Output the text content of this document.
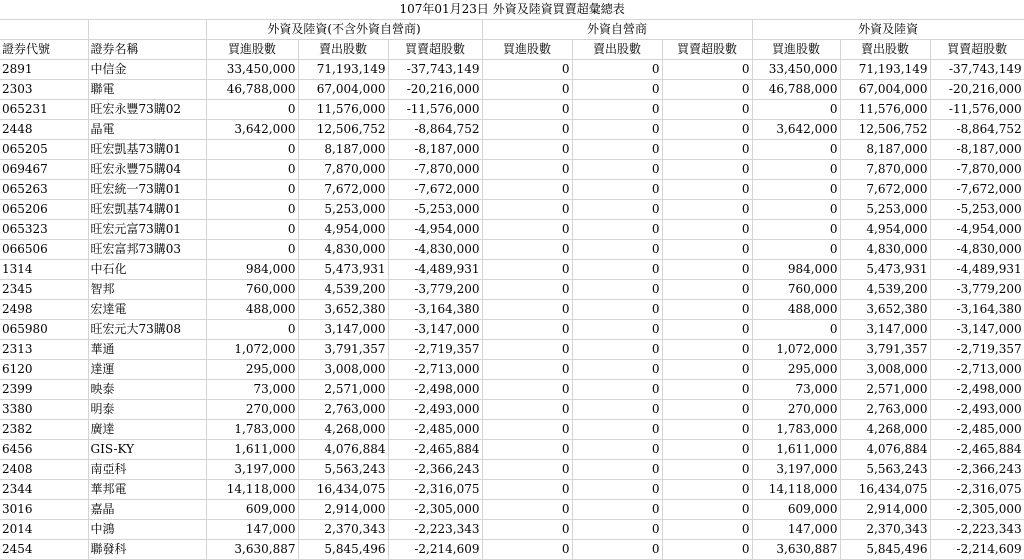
107年01月23日 外資及陸資買賣超彙總表										
		外資及陸資(不含外資自營商)			外資自營商			外資及陸資		
證券代號	證券名稱	買進股數	賣出股數	買賣超股數	買進股數	賣出股數	買賣超股數	買進股數	賣出股數	買賣超股數
2891	中信金	33,450,000	71,193,149	-37,743,149	0	0	0	33,450,000	71,193,149	-37,743,149
2303	聯電	46,788,000	67,004,000	-20,216,000	0	0	0	46,788,000	67,004,000	-20,216,000
065231	旺宏永豐73購02	0	11,576,000	-11,576,000	0	0	0	0	11,576,000	-11,576,000
2448	晶電	3,642,000	12,506,752	-8,864,752	0	0	0	3,642,000	12,506,752	-8,864,752
065205	旺宏凱基73購01	0	8,187,000	-8,187,000	0	0	0	0	8,187,000	-8,187,000
069467	旺宏永豐75購04	0	7,870,000	-7,870,000	0	0	0	0	7,870,000	-7,870,000
065263	旺宏統一73購01	0	7,672,000	-7,672,000	0	0	0	0	7,672,000	-7,672,000
065206	旺宏凱基74購01	0	5,253,000	-5,253,000	0	0	0	0	5,253,000	-5,253,000
065323	旺宏元富73購01	0	4,954,000	-4,954,000	0	0	0	0	4,954,000	-4,954,000
066506	旺宏富邦73購03	0	4,830,000	-4,830,000	0	0	0	0	4,830,000	-4,830,000
1314	中石化	984,000	5,473,931	-4,489,931	0	0	0	984,000	5,473,931	-4,489,931
2345	智邦	760,000	4,539,200	-3,779,200	0	0	0	760,000	4,539,200	-3,779,200
2498	宏達電	488,000	3,652,380	-3,164,380	0	0	0	488,000	3,652,380	-3,164,380
065980	旺宏元大73購08	0	3,147,000	-3,147,000	0	0	0	0	3,147,000	-3,147,000
2313	華通	1,072,000	3,791,357	-2,719,357	0	0	0	1,072,000	3,791,357	-2,719,357
6120	達運	295,000	3,008,000	-2,713,000	0	0	0	295,000	3,008,000	-2,713,000
2399	映泰	73,000	2,571,000	-2,498,000	0	0	0	73,000	2,571,000	-2,498,000
3380	明泰	270,000	2,763,000	-2,493,000	0	0	0	270,000	2,763,000	-2,493,000
2382	廣達	1,783,000	4,268,000	-2,485,000	0	0	0	1,783,000	4,268,000	-2,485,000
6456	GIS-KY	1,611,000	4,076,884	-2,465,884	0	0	0	1,611,000	4,076,884	-2,465,884
2408	南亞科	3,197,000	5,563,243	-2,366,243	0	0	0	3,197,000	5,563,243	-2,366,243
2344	華邦電	14,118,000	16,434,075	-2,316,075	0	0	0	14,118,000	16,434,075	-2,316,075
3016	嘉晶	609,000	2,914,000	-2,305,000	0	0	0	609,000	2,914,000	-2,305,000
2014	中鴻	147,000	2,370,343	-2,223,343	0	0	0	147,000	2,370,343	-2,223,343
2454	聯發科	3,630,887	5,845,496	-2,214,609	0	0	0	3,630,887	5,845,496	-2,214,609
